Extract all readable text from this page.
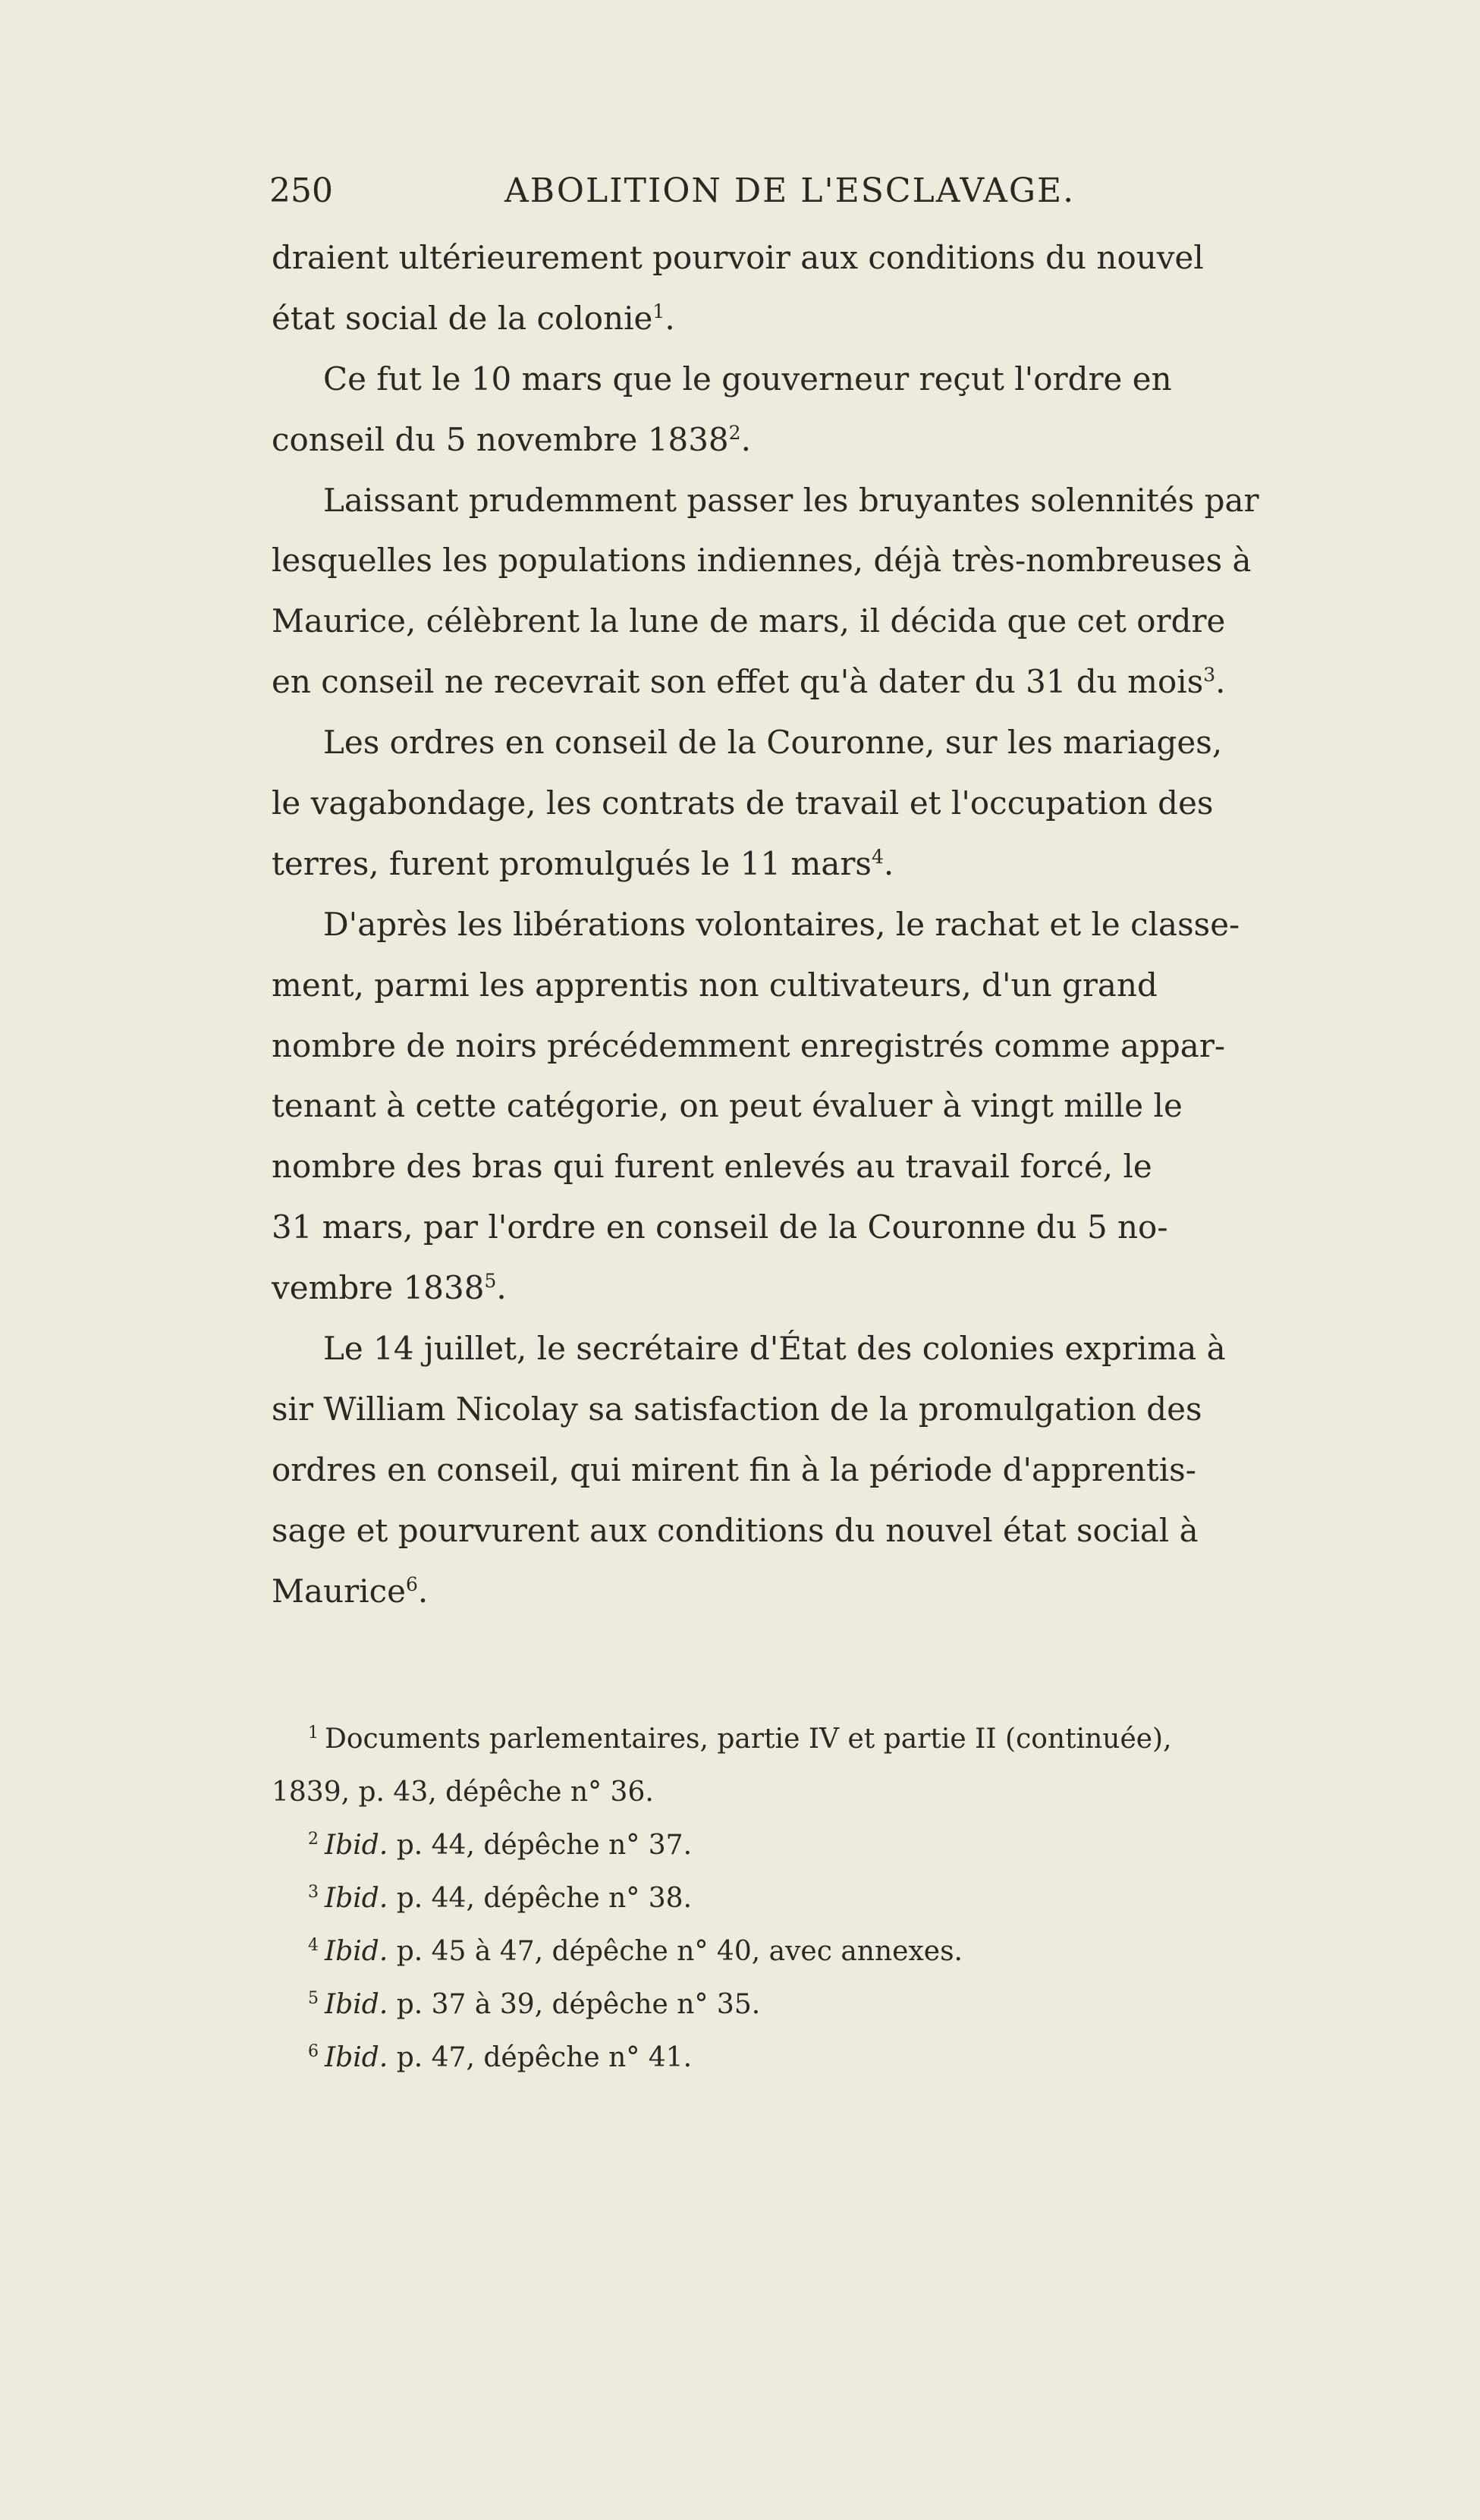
250	ABOLITION DE L'ESCLAVAGE.
draient ultérieurement pourvoir aux conditions du nouvel
état social de la colonie$^1$.
Ce fut le 10 mars que le gouverneur reçut l'ordre en
conseil du 5 novembre 1838$^2$.
Laissant prudemment passer les bruyantes solennités par
lesquelles les populations indiennes, déjà très-nombreuses à
Maurice, célèbrent la lune de mars, il décida que cet ordre
en conseil ne recevrait son effet qu'à dater du 31 du mois$^3$.
Les ordres en conseil de la Couronne, sur les mariages,
le vagabondage, les contrats de travail et l'occupation des
terres, furent promulgués le 11 mars$^4$.
D'après les libérations volontaires, le rachat et le classe-
ment, parmi les apprentis non cultivateurs, d'un grand
nombre de noirs précédemment enregistrés comme appar-
tenant à cette catégorie, on peut évaluer à vingt mille le
nombre des bras qui furent enlevés au travail forcé, le
31 mars, par l'ordre en conseil de la Couronne du 5 no-
vembre 1838$^5$.
Le 14 juillet, le secrétaire d'État des colonies exprima à
sir William Nicolay sa satisfaction de la promulgation des
ordres en conseil, qui mirent fin à la période d'apprentis-
sage et pourvurent aux conditions du nouvel état social à
Maurice$^6$.
$^1$ Documents parlementaires, partie IV et partie II (continuée),
1839, p. 43, dépêche n° 36.
$^2$ Ibid. p. 44, dépêche n° 37.
$^3$ Ibid. p. 44, dépêche n° 38.
$^4$ Ibid. p. 45 à 47, dépêche n° 40, avec annexes.
$^5$ Ibid. p. 37 à 39, dépêche n° 35.
$^6$ Ibid. p. 47, dépêche n° 41.
